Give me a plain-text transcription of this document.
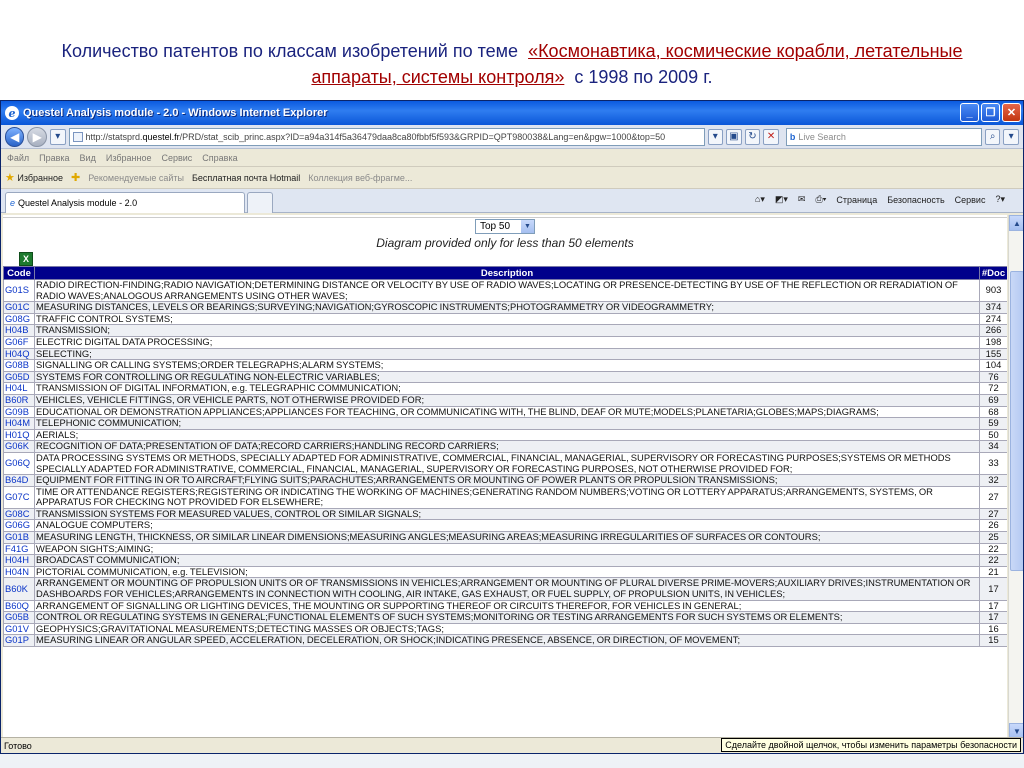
Количество патентов по классам изобретений по теме «Космонавтика, космические корабли, летательные аппараты, системы контроля» с 1998 по 2009 г.
e Questel Analysis module - 2.0 - Windows Internet Explorer	_	❐	✕
◀	▶	▾	http://statsprd. questel.fr /PRD/stat_scib_princ.aspx?ID=a94a314f5a36479daa8ca80fbbf5f593&GRPID=QPT980038&Lang=en&pgw=1000&top=50	▾	▣ ↻	✕	b Live Search	⌕	▾
Файл Правка Вид Избранное Сервис Справка
★ Избранное ✚ Рекомендуемые сайты Бесплатная почта Hotmail Коллекция веб-фрагме...
e Questel Analysis module - 2.0	⌂▾ ◩▾ ✉ ⎙▾ Страница Безопасность Сервис ?▾
Top 50	▼
Diagram provided only for less than 50 elements
X
Code	Description	#Doc
G01S	RADIO DIRECTION-FINDING;RADIO NAVIGATION;DETERMINING DISTANCE OR VELOCITY BY USE OF RADIO WAVES;LOCATING OR PRESENCE-DETECTING BY USE OF THE REFLECTION OR RERADIATION OF RADIO WAVES;ANALOGOUS ARRANGEMENTS USING OTHER WAVES;	903
G01C	MEASURING DISTANCES, LEVELS OR BEARINGS;SURVEYING;NAVIGATION;GYROSCOPIC INSTRUMENTS;PHOTOGRAMMETRY OR VIDEOGRAMMETRY;	374
G08G	TRAFFIC CONTROL SYSTEMS;	274
H04B	TRANSMISSION;	266
G06F	ELECTRIC DIGITAL DATA PROCESSING;	198
H04Q	SELECTING;	155
G08B	SIGNALLING OR CALLING SYSTEMS;ORDER TELEGRAPHS;ALARM SYSTEMS;	104
G05D	SYSTEMS FOR CONTROLLING OR REGULATING NON-ELECTRIC VARIABLES;	76
H04L	TRANSMISSION OF DIGITAL INFORMATION, e.g. TELEGRAPHIC COMMUNICATION;	72
B60R	VEHICLES, VEHICLE FITTINGS, OR VEHICLE PARTS, NOT OTHERWISE PROVIDED FOR;	69
G09B	EDUCATIONAL OR DEMONSTRATION APPLIANCES;APPLIANCES FOR TEACHING, OR COMMUNICATING WITH, THE BLIND, DEAF OR MUTE;MODELS;PLANETARIA;GLOBES;MAPS;DIAGRAMS;	68
H04M	TELEPHONIC COMMUNICATION;	59
H01Q	AERIALS;	50
G06K	RECOGNITION OF DATA;PRESENTATION OF DATA;RECORD CARRIERS;HANDLING RECORD CARRIERS;	34
G06Q	DATA PROCESSING SYSTEMS OR METHODS, SPECIALLY ADAPTED FOR ADMINISTRATIVE, COMMERCIAL, FINANCIAL, MANAGERIAL, SUPERVISORY OR FORECASTING PURPOSES;SYSTEMS OR METHODS SPECIALLY ADAPTED FOR ADMINISTRATIVE, COMMERCIAL, FINANCIAL, MANAGERIAL, SUPERVISORY OR FORECASTING PURPOSES, NOT OTHERWISE PROVIDED FOR;	33
B64D	EQUIPMENT FOR FITTING IN OR TO AIRCRAFT;FLYING SUITS;PARACHUTES;ARRANGEMENTS OR MOUNTING OF POWER PLANTS OR PROPULSION TRANSMISSIONS;	32
G07C	TIME OR ATTENDANCE REGISTERS;REGISTERING OR INDICATING THE WORKING OF MACHINES;GENERATING RANDOM NUMBERS;VOTING OR LOTTERY APPARATUS;ARRANGEMENTS, SYSTEMS, OR APPARATUS FOR CHECKING NOT PROVIDED FOR ELSEWHERE;	27
G08C	TRANSMISSION SYSTEMS FOR MEASURED VALUES, CONTROL OR SIMILAR SIGNALS;	27
G06G	ANALOGUE COMPUTERS;	26
G01B	MEASURING LENGTH, THICKNESS, OR SIMILAR LINEAR DIMENSIONS;MEASURING ANGLES;MEASURING AREAS;MEASURING IRREGULARITIES OF SURFACES OR CONTOURS;	25
F41G	WEAPON SIGHTS;AIMING;	22
H04H	BROADCAST COMMUNICATION;	22
H04N	PICTORIAL COMMUNICATION, e.g. TELEVISION;	21
B60K	ARRANGEMENT OR MOUNTING OF PROPULSION UNITS OR OF TRANSMISSIONS IN VEHICLES;ARRANGEMENT OR MOUNTING OF PLURAL DIVERSE PRIME-MOVERS;AUXILIARY DRIVES;INSTRUMENTATION OR DASHBOARDS FOR VEHICLES;ARRANGEMENTS IN CONNECTION WITH COOLING, AIR INTAKE, GAS EXHAUST, OR FUEL SUPPLY, OF PROPULSION UNITS, IN VEHICLES;	17
B60Q	ARRANGEMENT OF SIGNALLING OR LIGHTING DEVICES, THE MOUNTING OR SUPPORTING THEREOF OR CIRCUITS THEREFOR, FOR VEHICLES IN GENERAL;	17
G05B	CONTROL OR REGULATING SYSTEMS IN GENERAL;FUNCTIONAL ELEMENTS OF SUCH SYSTEMS;MONITORING OR TESTING ARRANGEMENTS FOR SUCH SYSTEMS OR ELEMENTS;	17
G01V	GEOPHYSICS;GRAVITATIONAL MEASUREMENTS;DETECTING MASSES OR OBJECTS;TAGS;	16
G01P	MEASURING LINEAR OR ANGULAR SPEED, ACCELERATION, DECELERATION, OR SHOCK;INDICATING PRESENCE, ABSENCE, OR DIRECTION, OF MOVEMENT;	15
▲
▼
Готово	Сделайте двойной щелчок, чтобы изменить параметры безопасности
